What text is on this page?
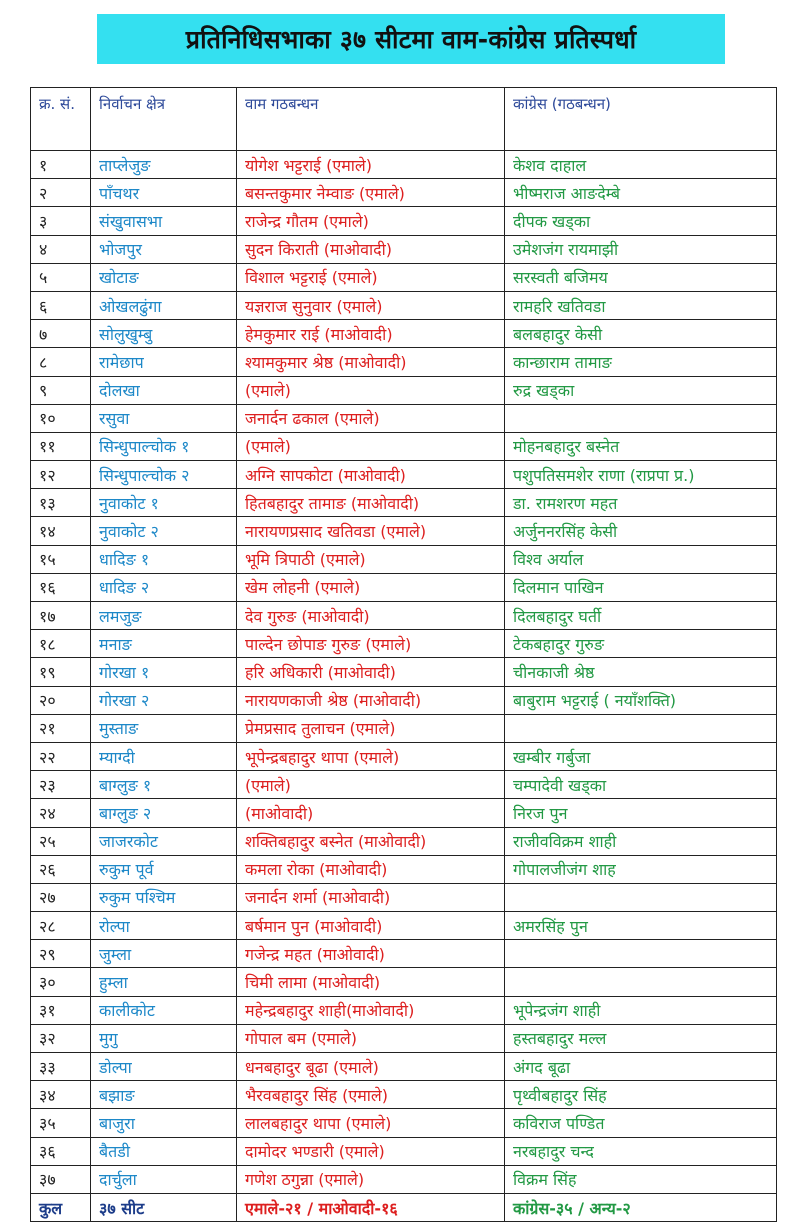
प्रतिनिधिसभाका ३७ सीटमा वाम-कांग्रेस प्रतिस्पर्धा
क्र. सं.	निर्वाचन क्षेत्र	वाम गठबन्धन	कांग्रेस (गठबन्धन)
१	ताप्लेजुङ	योगेश भट्टराई (एमाले)	केशव दाहाल
२	पाँचथर	बसन्तकुमार नेम्वाङ (एमाले)	भीष्मराज आङदेम्बे
३	संखुवासभा	राजेन्द्र गौतम (एमाले)	दीपक खड्का
४	भोजपुर	सुदन किराती (माओवादी)	उमेशजंग रायमाझी
५	खोटाङ	विशाल भट्टराई (एमाले)	सरस्वती बजिमय
६	ओखलढुंगा	यज्ञराज सुनुवार (एमाले)	रामहरि खतिवडा
७	सोलुखुम्बु	हेमकुमार राई (माओवादी)	बलबहादुर केसी
८	रामेछाप	श्यामकुमार श्रेष्ठ (माओवादी)	कान्छाराम तामाङ
९	दोलखा	(एमाले)	रुद्र खड्का
१०	रसुवा	जनार्दन ढकाल (एमाले)	
११	सिन्धुपाल्चोक १	(एमाले)	मोहनबहादुर बस्नेत
१२	सिन्धुपाल्चोक २	अग्नि सापकोटा (माओवादी)	पशुपतिसमशेर राणा (राप्रपा प्र.)
१३	नुवाकोट १	हितबहादुर तामाङ (माओवादी)	डा. रामशरण महत
१४	नुवाकोट २	नारायणप्रसाद खतिवडा (एमाले)	अर्जुननरसिंह केसी
१५	धादिङ १	भूमि त्रिपाठी (एमाले)	विश्व अर्याल
१६	धादिङ २	खेम लोहनी (एमाले)	दिलमान पाखिन
१७	लमजुङ	देव गुरुङ (माओवादी)	दिलबहादुर घर्ती
१८	मनाङ	पाल्देन छोपाङ गुरुङ (एमाले)	टेकबहादुर गुरुङ
१९	गोरखा १	हरि अधिकारी (माओवादी)	चीनकाजी श्रेष्ठ
२०	गोरखा २	नारायणकाजी श्रेष्ठ (माओवादी)	बाबुराम भट्टराई ( नयाँशक्ति)
२१	मुस्ताङ	प्रेमप्रसाद तुलाचन (एमाले)	
२२	म्याग्दी	भूपेन्द्रबहादुर थापा (एमाले)	खम्बीर गर्बुजा
२३	बाग्लुङ १	(एमाले)	चम्पादेवी खड्का
२४	बाग्लुङ २	(माओवादी)	निरज पुन
२५	जाजरकोट	शक्तिबहादुर बस्नेत (माओवादी)	राजीवविक्रम शाही
२६	रुकुम पूर्व	कमला रोका (माओवादी)	गोपालजीजंग शाह
२७	रुकुम पश्चिम	जनार्दन शर्मा (माओवादी)	
२८	रोल्पा	बर्षमान पुन (माओवादी)	अमरसिंह पुन
२९	जुम्ला	गजेन्द्र महत (माओवादी)	
३०	हुम्ला	चिमी लामा (माओवादी)	
३१	कालीकोट	महेन्द्रबहादुर शाही(माओवादी)	भूपेन्द्रजंग शाही
३२	मुगु	गोपाल बम (एमाले)	हस्तबहादुर मल्ल
३३	डोल्पा	धनबहादुर बूढा (एमाले)	अंगद बूढा
३४	बझाङ	भैरवबहादुर सिंह (एमाले)	पृथ्वीबहादुर सिंह
३५	बाजुरा	लालबहादुर थापा (एमाले)	कविराज पण्डित
३६	बैतडी	दामोदर भण्डारी (एमाले)	नरबहादुर चन्द
३७	दार्चुला	गणेश ठगुन्ना (एमाले)	विक्रम सिंह
कुल	३७ सीट	एमाले-२१ / माओवादी-१६	कांग्रेस-३५ / अन्य-२
